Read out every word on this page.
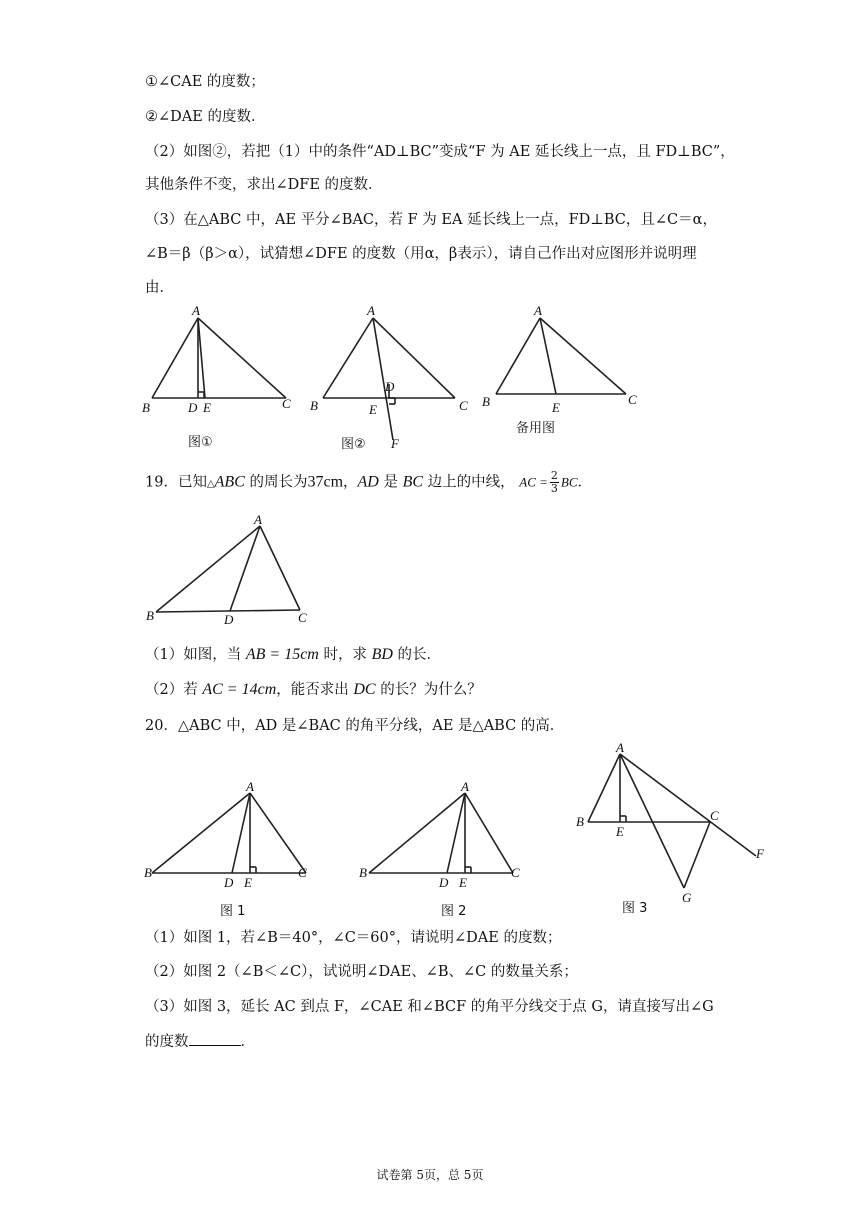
①∠CAE 的度数；
②∠DAE 的度数．
（2）如图②，若把（1）中的条件“AD⊥BC”变成“F 为 AE 延长线上一点，且 FD⊥BC”，
其他条件不变，求出∠DFE 的度数．
（3）在△ABC 中，AE 平分∠BAC，若 F 为 EA 延长线上一点，FD⊥BC，且∠C＝α，
∠B＝β（β＞α），试猜想∠DFE 的度数（用α，β表示），请自己作出对应图形并说明理
由．
A
B	D E	C
图①
A
B
D
E	C
F
图②
A
B	E
C
备用图
19．已知△ABC 的周长为37cm，AD 是 BC 边上的中线， AC = $\frac{2}{3}$ BC．
A
B	D	C
（1）如图，当 AB = 15cm 时，求 BD 的长．
（2）若 AC = 14cm，能否求出 DC 的长？为什么？
20．△ABC 中，AD 是∠BAC 的角平分线，AE 是△ABC 的高．
A
B
D E
C
图 1
A
B
D E
C
图 2
A
B
E
C
F
G
图 3
（1）如图 1，若∠B＝40°，∠C＝60°，请说明∠DAE 的度数；
（2）如图 2（∠B＜∠C），试说明∠DAE、∠B、∠C 的数量关系；
（3）如图 3，延长 AC 到点 F，∠CAE 和∠BCF 的角平分线交于点 G，请直接写出∠G
的度数	．
试卷第 5页，总 5页
